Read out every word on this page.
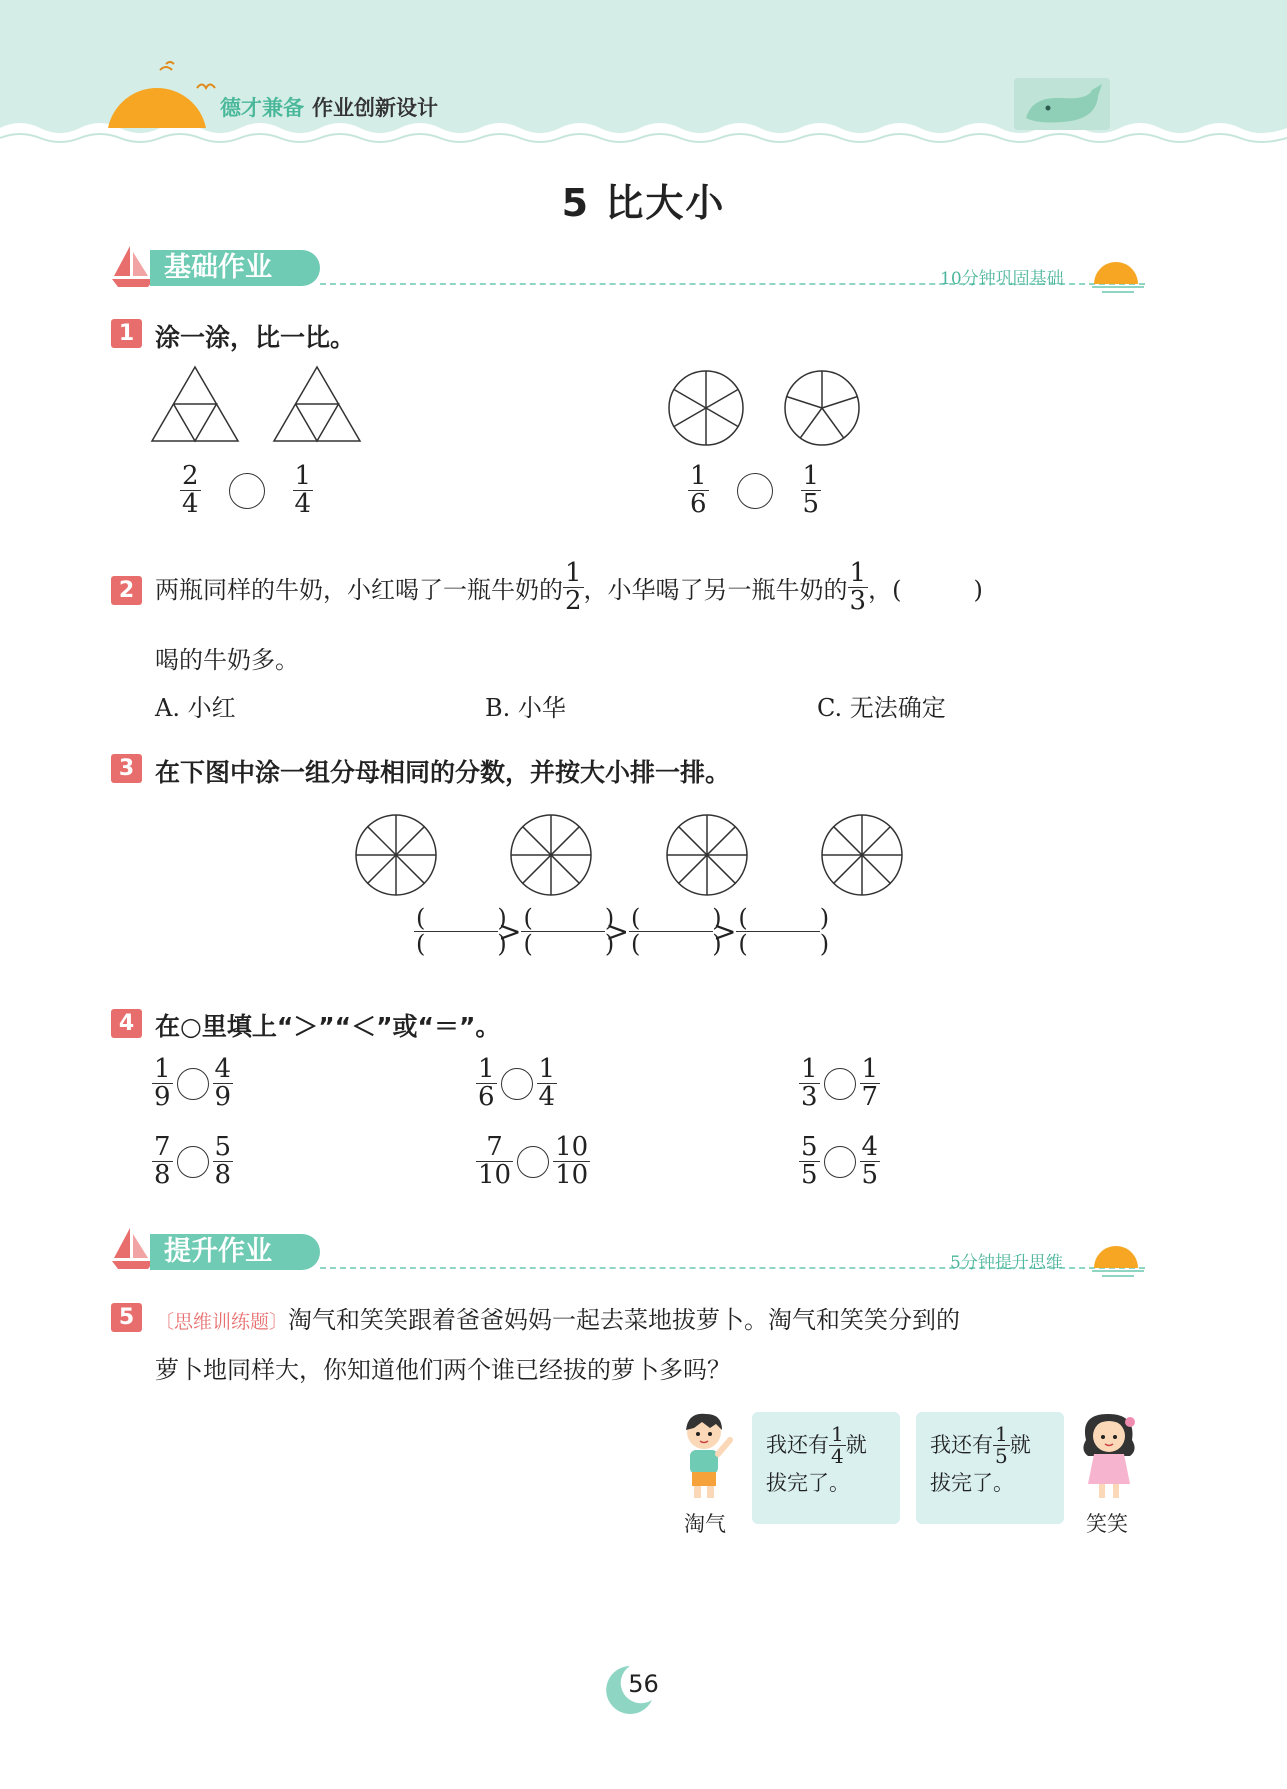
德才兼备 作业创新设计
5 比大小
基础作业	10分钟巩固基础
1 涂一涂，比一比。
$\frac{2}{4}$	$\frac{1}{4}$	$\frac{1}{6}$	$\frac{1}{5}$
2 两瓶同样的牛奶，小红喝了一瓶牛奶的 $\frac{1}{2}$ ，小华喝了另一瓶牛奶的 $\frac{1}{3}$ ，(　　　)
喝的牛奶多。
A. 小红	B. 小华	C. 无法确定
3 在下图中涂一组分母相同的分数，并按大小排一排。
$\frac{( )}{( )} > \frac{( )}{( )} > \frac{( )}{( )} > \frac{( )}{( )}$
4 在○里填上“＞”“＜”或“＝”。
$\frac{1}{9} \frac{4}{9}$	$\frac{1}{6} \frac{1}{4}$	$\frac{1}{3} \frac{1}{7}$
$\frac{7}{8} \frac{5}{8}$	$\frac{7}{10} \frac{10}{10}$	$\frac{5}{5} \frac{4}{5}$
提升作业	5分钟提升思维
5	〔思维训练题〕淘气和笑笑跟着爸爸妈妈一起去菜地拔萝卜。淘气和笑笑分到的
萝卜地同样大，你知道他们两个谁已经拔的萝卜多吗？
淘气
我还有 $\frac{1}{4}$ 就
拔完了。
我还有 $\frac{1}{5}$ 就
拔完了。
笑笑
56
